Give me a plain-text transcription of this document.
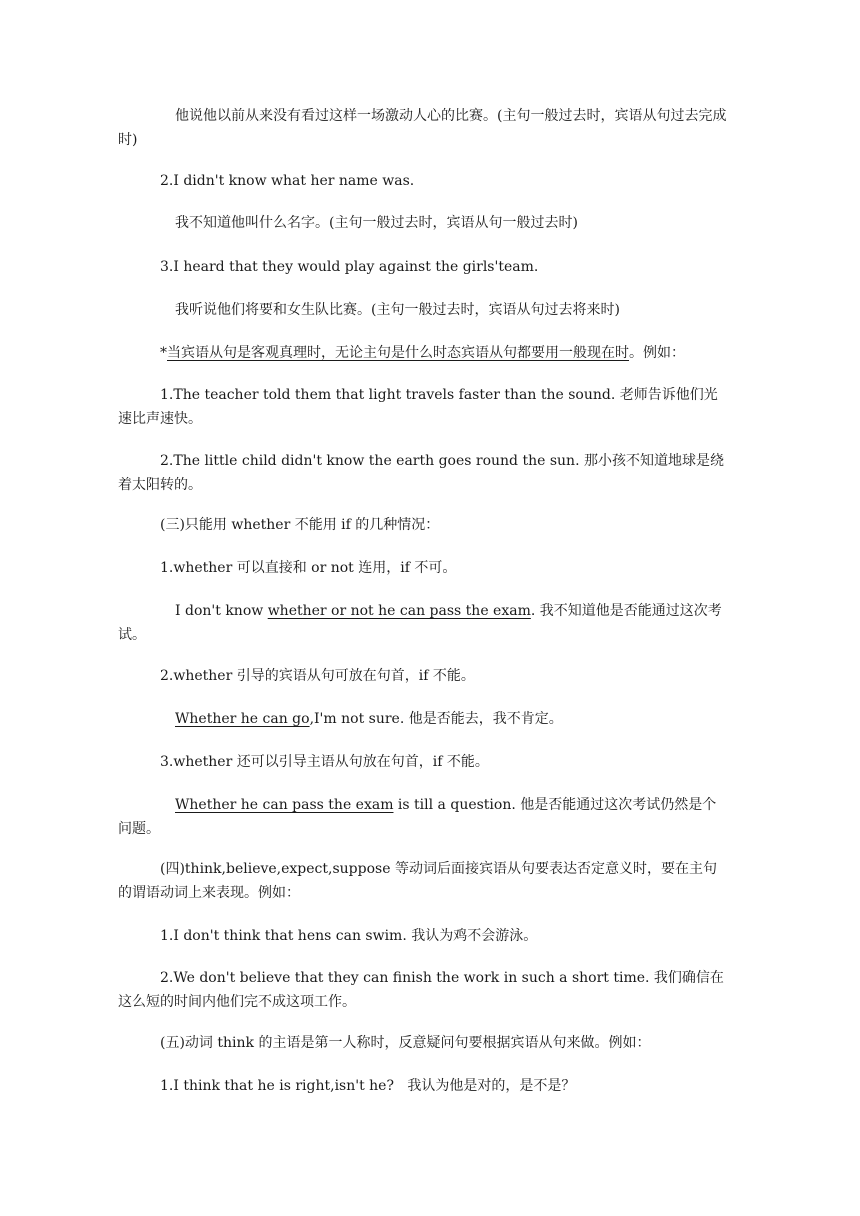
他说他以前从来没有看过这样一场激动人心的比赛。(主句一般过去时，宾语从句过去完成时)

2.I didn't know what her name was.

我不知道他叫什么名字。(主句一般过去时，宾语从句一般过去时)

3.I heard that they would play against the girls'team.

我听说他们将要和女生队比赛。(主句一般过去时，宾语从句过去将来时)

*当宾语从句是客观真理时，无论主句是什么时态宾语从句都要用一般现在时。例如：

1.The teacher told them that light travels faster than the sound. 老师告诉他们光速比声速快。

2.The little child didn't know the earth goes round the sun. 那小孩不知道地球是绕着太阳转的。

(三)只能用 whether 不能用 if 的几种情况：

1.whether 可以直接和 or not 连用，if 不可。

I don't know whether or not he can pass the exam. 我不知道他是否能通过这次考试。

2.whether 引导的宾语从句可放在句首，if 不能。

Whether he can go,I'm not sure. 他是否能去，我不肯定。

3.whether 还可以引导主语从句放在句首，if 不能。

Whether he can pass the exam is till a question. 他是否能通过这次考试仍然是个问题。

(四)think,believe,expect,suppose 等动词后面接宾语从句要表达否定意义时，要在主句的谓语动词上来表现。例如：

1.I don't think that hens can swim. 我认为鸡不会游泳。

2.We don't believe that they can finish the work in such a short time. 我们确信在这么短的时间内他们完不成这项工作。

(五)动词 think 的主语是第一人称时，反意疑问句要根据宾语从句来做。例如：

1.I think that he is right,isn't he?   我认为他是对的，是不是？
